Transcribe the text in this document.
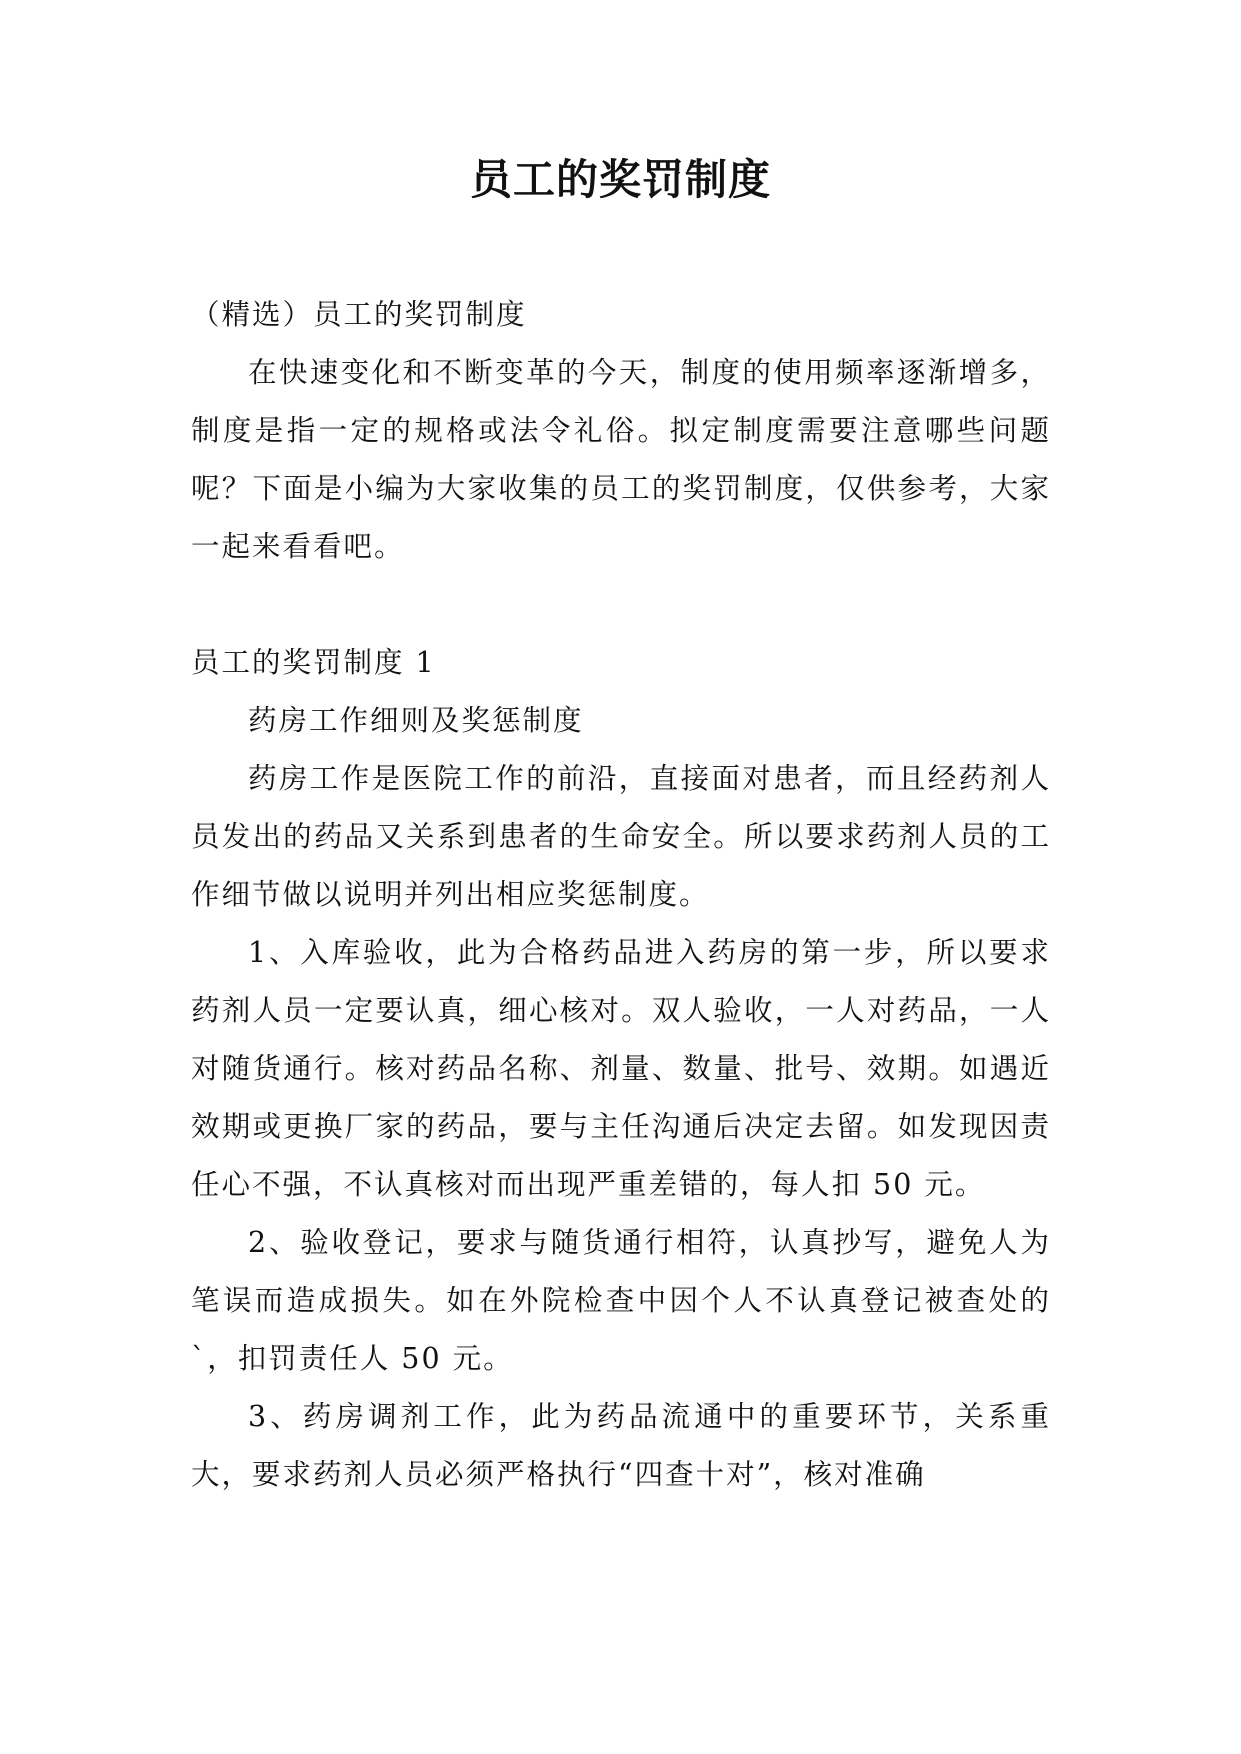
员工的奖罚制度

（精选）员工的奖罚制度

在快速变化和不断变革的今天，制度的使用频率逐渐增多，制度是指一定的规格或法令礼俗。拟定制度需要注意哪些问题呢？下面是小编为大家收集的员工的奖罚制度，仅供参考，大家一起来看看吧。

员工的奖罚制度 1

药房工作细则及奖惩制度

药房工作是医院工作的前沿，直接面对患者，而且经药剂人员发出的药品又关系到患者的生命安全。所以要求药剂人员的工作细节做以说明并列出相应奖惩制度。

1、入库验收，此为合格药品进入药房的第一步，所以要求药剂人员一定要认真，细心核对。双人验收，一人对药品，一人对随货通行。核对药品名称、剂量、数量、批号、效期。如遇近效期或更换厂家的药品，要与主任沟通后决定去留。如发现因责任心不强，不认真核对而出现严重差错的，每人扣 50 元。

2、验收登记，要求与随货通行相符，认真抄写，避免人为笔误而造成损失。如在外院检查中因个人不认真登记被查处的`，扣罚责任人 50 元。

3、药房调剂工作，此为药品流通中的重要环节，关系重大，要求药剂人员必须严格执行“四查十对”，核对准确
